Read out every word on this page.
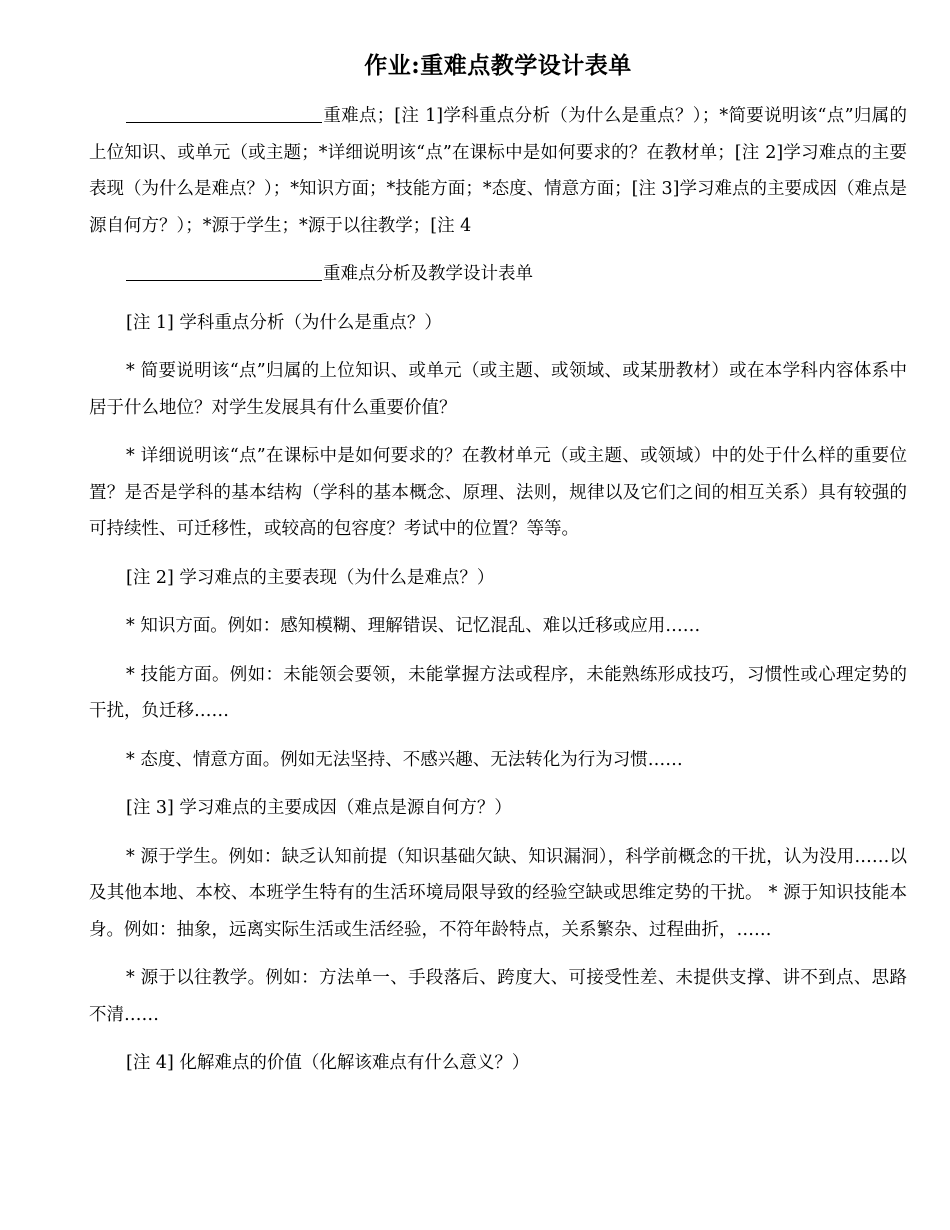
作业:重难点教学设计表单

重难点；[注 1]学科重点分析（为什么是重点？）；*简要说明该“点”归属的上位知识、或单元（或主题；*详细说明该“点”在课标中是如何要求的？在教材单；[注 2]学习难点的主要表现（为什么是难点？）；*知识方面；*技能方面；*态度、情意方面；[注 3]学习难点的主要成因（难点是源自何方？）；*源于学生；*源于以往教学；[注 4

重难点分析及教学设计表单

[注 1] 学科重点分析（为什么是重点？）

* 简要说明该“点”归属的上位知识、或单元（或主题、或领域、或某册教材）或在本学科内容体系中居于什么地位？对学生发展具有什么重要价值？

* 详细说明该“点”在课标中是如何要求的？在教材单元（或主题、或领域）中的处于什么样的重要位置？是否是学科的基本结构（学科的基本概念、原理、法则，规律以及它们之间的相互关系）具有较强的可持续性、可迁移性，或较高的包容度？考试中的位置？等等。

[注 2] 学习难点的主要表现（为什么是难点？）

* 知识方面。例如：感知模糊、理解错误、记忆混乱、难以迁移或应用……

* 技能方面。例如：未能领会要领，未能掌握方法或程序，未能熟练形成技巧，习惯性或心理定势的干扰，负迁移……

* 态度、情意方面。例如无法坚持、不感兴趣、无法转化为行为习惯……

[注 3] 学习难点的主要成因（难点是源自何方？）

* 源于学生。例如：缺乏认知前提（知识基础欠缺、知识漏洞），科学前概念的干扰，认为没用……以及其他本地、本校、本班学生特有的生活环境局限导致的经验空缺或思维定势的干扰。 * 源于知识技能本身。例如：抽象，远离实际生活或生活经验，不符年龄特点，关系繁杂、过程曲折，……

* 源于以往教学。例如：方法单一、手段落后、跨度大、可接受性差、未提供支撑、讲不到点、思路不清……

[注 4] 化解难点的价值（化解该难点有什么意义？）
